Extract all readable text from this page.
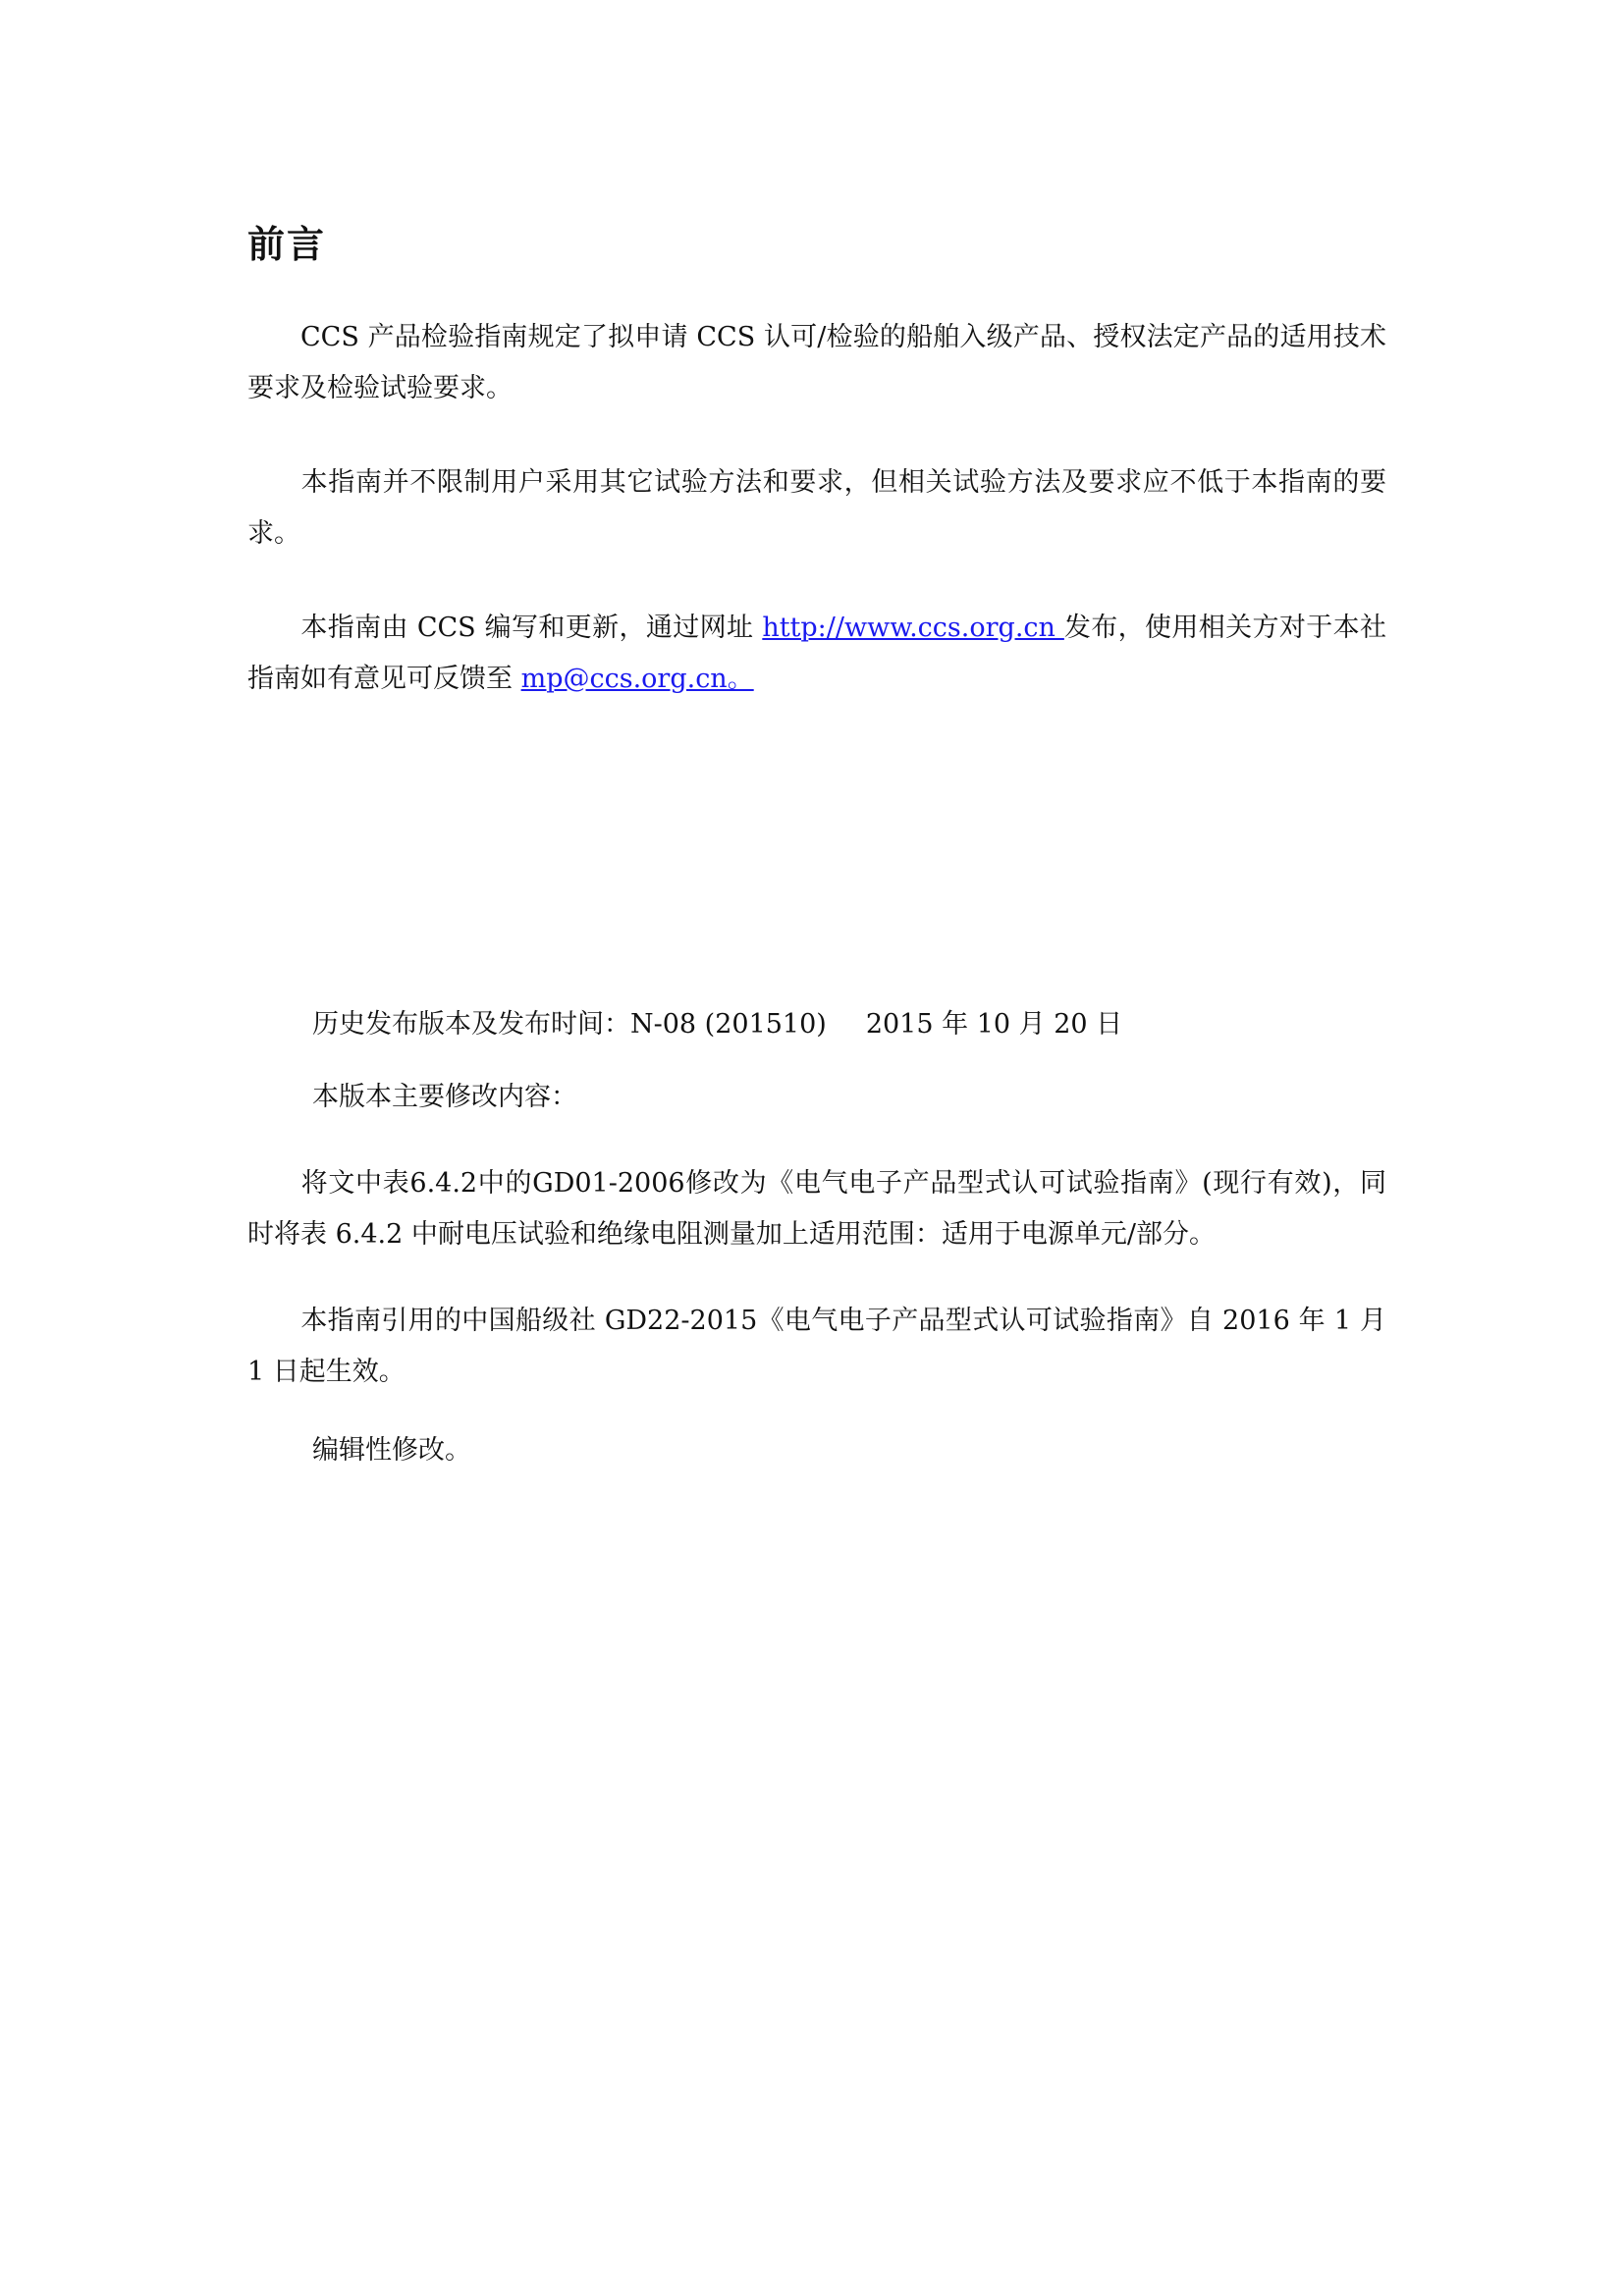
前言
CCS 产品检验指南规定了拟申请 CCS 认可/检验的船舶入级产品、授权法定产品的适用技术要求及检验试验要求。
本指南并不限制用户采用其它试验方法和要求，但相关试验方法及要求应不低于本指南的要求。
本指南由 CCS 编写和更新，通过网址 http://www.ccs.org.cn 发布，使用相关方对于本社指南如有意见可反馈至 mp@ccs.org.cn。
历史发布版本及发布时间：N-08 (201510) 2015 年 10 月 20 日
本版本主要修改内容：
将文中表6.4.2中的GD01-2006修改为《电气电子产品型式认可试验指南》(现行有效)，同时将表 6.4.2 中耐电压试验和绝缘电阻测量加上适用范围：适用于电源单元/部分。
本指南引用的中国船级社 GD22-2015《电气电子产品型式认可试验指南》自 2016 年 1 月 1 日起生效。
编辑性修改。
